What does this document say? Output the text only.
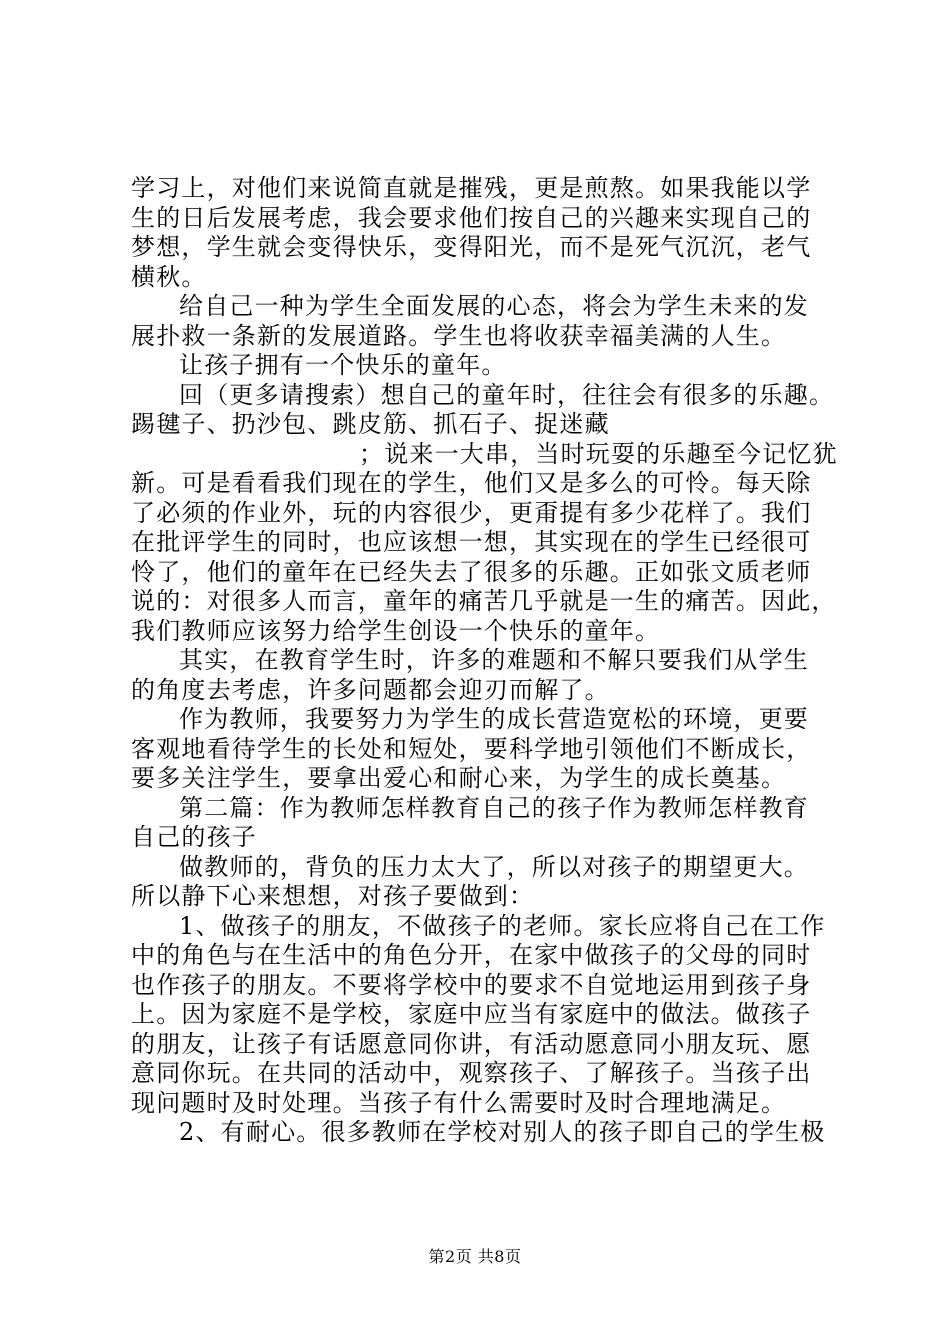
学习上，对他们来说简直就是摧残，更是煎熬。如果我能以学
生的日后发展考虑，我会要求他们按自己的兴趣来实现自己的
梦想，学生就会变得快乐，变得阳光，而不是死气沉沉，老气
横秋。
给自己一种为学生全面发展的心态，将会为学生未来的发
展扑救一条新的发展道路。学生也将收获幸福美满的人生。
让孩子拥有一个快乐的童年。
回（更多请搜索）想自己的童年时，往往会有很多的乐趣。
踢毽子、扔沙包、跳皮筋、抓石子、捉迷藏
；说来一大串，当时玩耍的乐趣至今记忆犹
新。可是看看我们现在的学生，他们又是多么的可怜。每天除
了必须的作业外，玩的内容很少，更甭提有多少花样了。我们
在批评学生的同时，也应该想一想，其实现在的学生已经很可
怜了，他们的童年在已经失去了很多的乐趣。正如张文质老师
说的：对很多人而言，童年的痛苦几乎就是一生的痛苦。因此，
我们教师应该努力给学生创设一个快乐的童年。
其实，在教育学生时，许多的难题和不解只要我们从学生
的角度去考虑，许多问题都会迎刃而解了。
作为教师，我要努力为学生的成长营造宽松的环境，更要
客观地看待学生的长处和短处，要科学地引领他们不断成长，
要多关注学生，要拿出爱心和耐心来，为学生的成长奠基。
第二篇：作为教师怎样教育自己的孩子作为教师怎样教育
自己的孩子
做教师的，背负的压力太大了，所以对孩子的期望更大。
所以静下心来想想，对孩子要做到：
1、做孩子的朋友，不做孩子的老师。家长应将自己在工作
中的角色与在生活中的角色分开，在家中做孩子的父母的同时
也作孩子的朋友。不要将学校中的要求不自觉地运用到孩子身
上。因为家庭不是学校，家庭中应当有家庭中的做法。做孩子
的朋友，让孩子有话愿意同你讲，有活动愿意同小朋友玩、愿
意同你玩。在共同的活动中，观察孩子、了解孩子。当孩子出
现问题时及时处理。当孩子有什么需要时及时合理地满足。
2、有耐心。很多教师在学校对别人的孩子即自己的学生极
第2页 共8页
